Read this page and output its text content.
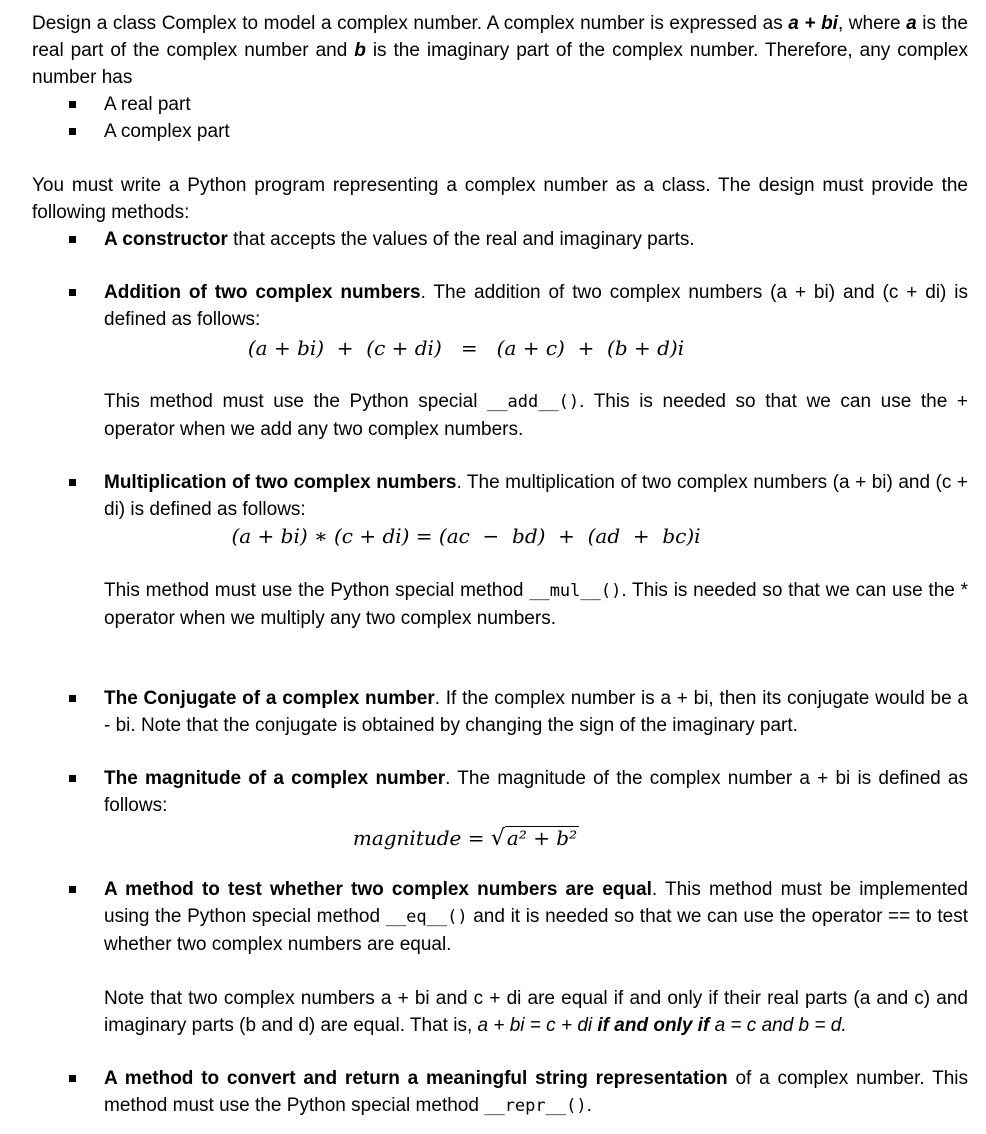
Design a class Complex to model a complex number. A complex number is expressed as a + bi, where a is the real part of the complex number and b is the imaginary part of the complex number. Therefore, any complex number has

A real part
A complex part

You must write a Python program representing a complex number as a class. The design must provide the following methods:

A constructor that accepts the values of the real and imaginary parts.
Addition of two complex numbers. The addition of two complex numbers (a + bi) and (c + di) is defined as follows:
(a + bi)  +  (c + di)   =   (a + c)  +  (b + d)i
This method must use the Python special __add__(). This is needed so that we can use the + operator when we add any two complex numbers.
Multiplication of two complex numbers. The multiplication of two complex numbers (a + bi) and (c + di) is defined as follows:
(a + bi) ∗ (c + di) = (ac  −  bd)  +  (ad  +  bc)i
This method must use the Python special method __mul__(). This is needed so that we can use the * operator when we multiply any two complex numbers.
The Conjugate of a complex number. If the complex number is a + bi, then its conjugate would be a - bi. Note that the conjugate is obtained by changing the sign of the imaginary part.
The magnitude of a complex number. The magnitude of the complex number a + bi is defined as follows:
magnitude = √ a² + b²
A method to test whether two complex numbers are equal. This method must be implemented using the Python special method __eq__() and it is needed so that we can use the operator == to test whether two complex numbers are equal.
Note that two complex numbers a + bi and c + di are equal if and only if their real parts (a and c) and imaginary parts (b and d) are equal. That is, a + bi = c + di if and only if a = c and b = d.
A method to convert and return a meaningful string representation of a complex number. This method must use the Python special method __repr__().
